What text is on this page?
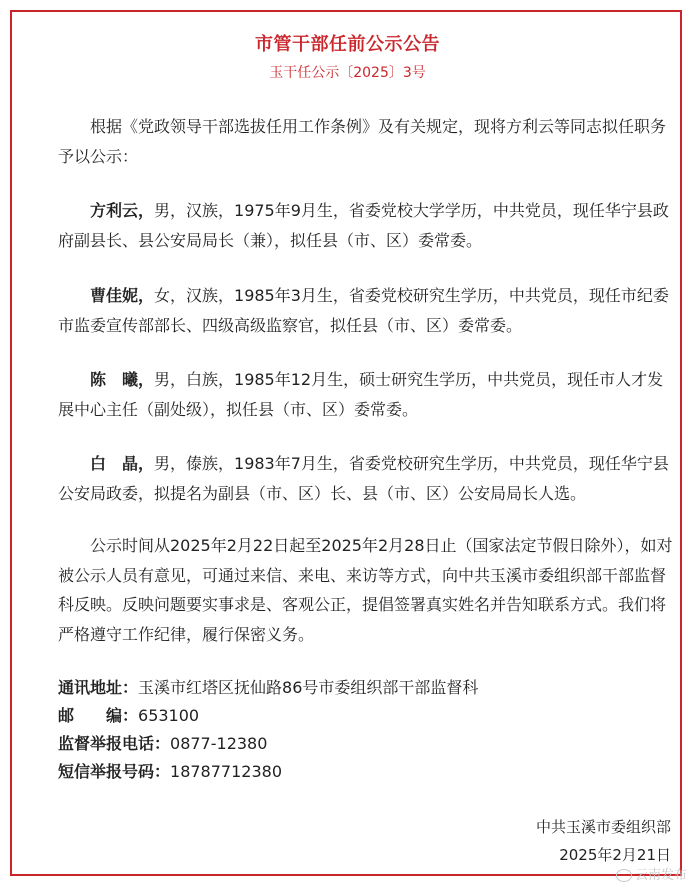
市管干部任前公示公告
玉干任公示〔2025〕3号
根据《党政领导干部选拔任用工作条例》及有关规定，现将方利云等同志拟任职务予以公示：
方利云，男，汉族，1975年9月生，省委党校大学学历，中共党员，现任华宁县政府副县长、县公安局局长（兼），拟任县（市、区）委常委。
曹佳妮，女，汉族，1985年3月生，省委党校研究生学历，中共党员，现任市纪委市监委宣传部部长、四级高级监察官，拟任县（市、区）委常委。
陈　曦，男，白族，1985年12月生，硕士研究生学历，中共党员，现任市人才发展中心主任（副处级），拟任县（市、区）委常委。
白　晶，男，傣族，1983年7月生，省委党校研究生学历，中共党员，现任华宁县公安局政委，拟提名为副县（市、区）长、县（市、区）公安局局长人选。
公示时间从2025年2月22日起至2025年2月28日止（国家法定节假日除外），如对被公示人员有意见，可通过来信、来电、来访等方式，向中共玉溪市委组织部干部监督科反映。反映问题要实事求是、客观公正，提倡签署真实姓名并告知联系方式。我们将严格遵守工作纪律，履行保密义务。
通讯地址：玉溪市红塔区抚仙路86号市委组织部干部监督科
邮　　编：653100
监督举报电话：0877-12380
短信举报号码：18787712380
中共玉溪市委组织部
2025年2月21日
云南发布
